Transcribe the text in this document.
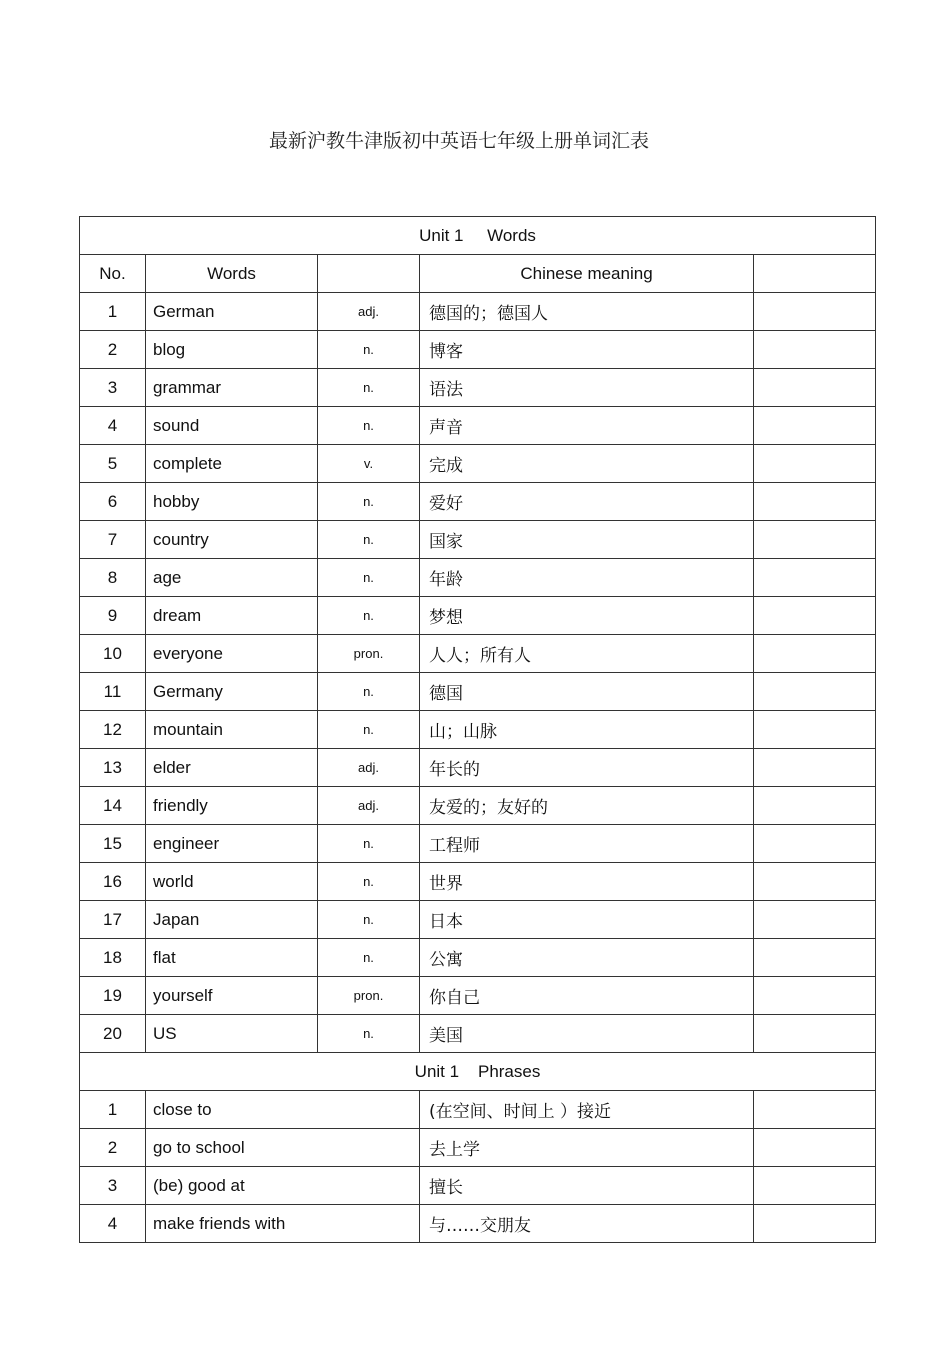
最新沪教牛津版初中英语七年级上册单词汇表
Unit 1     Words				
No.	Words		Chinese meaning	
1	German	adj.	德国的；德国人	
2	blog	n.	博客	
3	grammar	n.	语法	
4	sound	n.	声音	
5	complete	v.	完成	
6	hobby	n.	爱好	
7	country	n.	国家	
8	age	n.	年龄	
9	dream	n.	梦想	
10	everyone	pron.	人人；所有人	
11	Germany	n.	德国	
12	mountain	n.	山；山脉	
13	elder	adj.	年长的	
14	friendly	adj.	友爱的；友好的	
15	engineer	n.	工程师	
16	world	n.	世界	
17	Japan	n.	日本	
18	flat	n.	公寓	
19	yourself	pron.	你自己	
20	US	n.	美国	
Unit 1    Phrases				
1	close to		(在空间、时间上 ）接近	
2	go to school		去上学	
3	(be) good at		擅长	
4	make friends with		与……交朋友	
